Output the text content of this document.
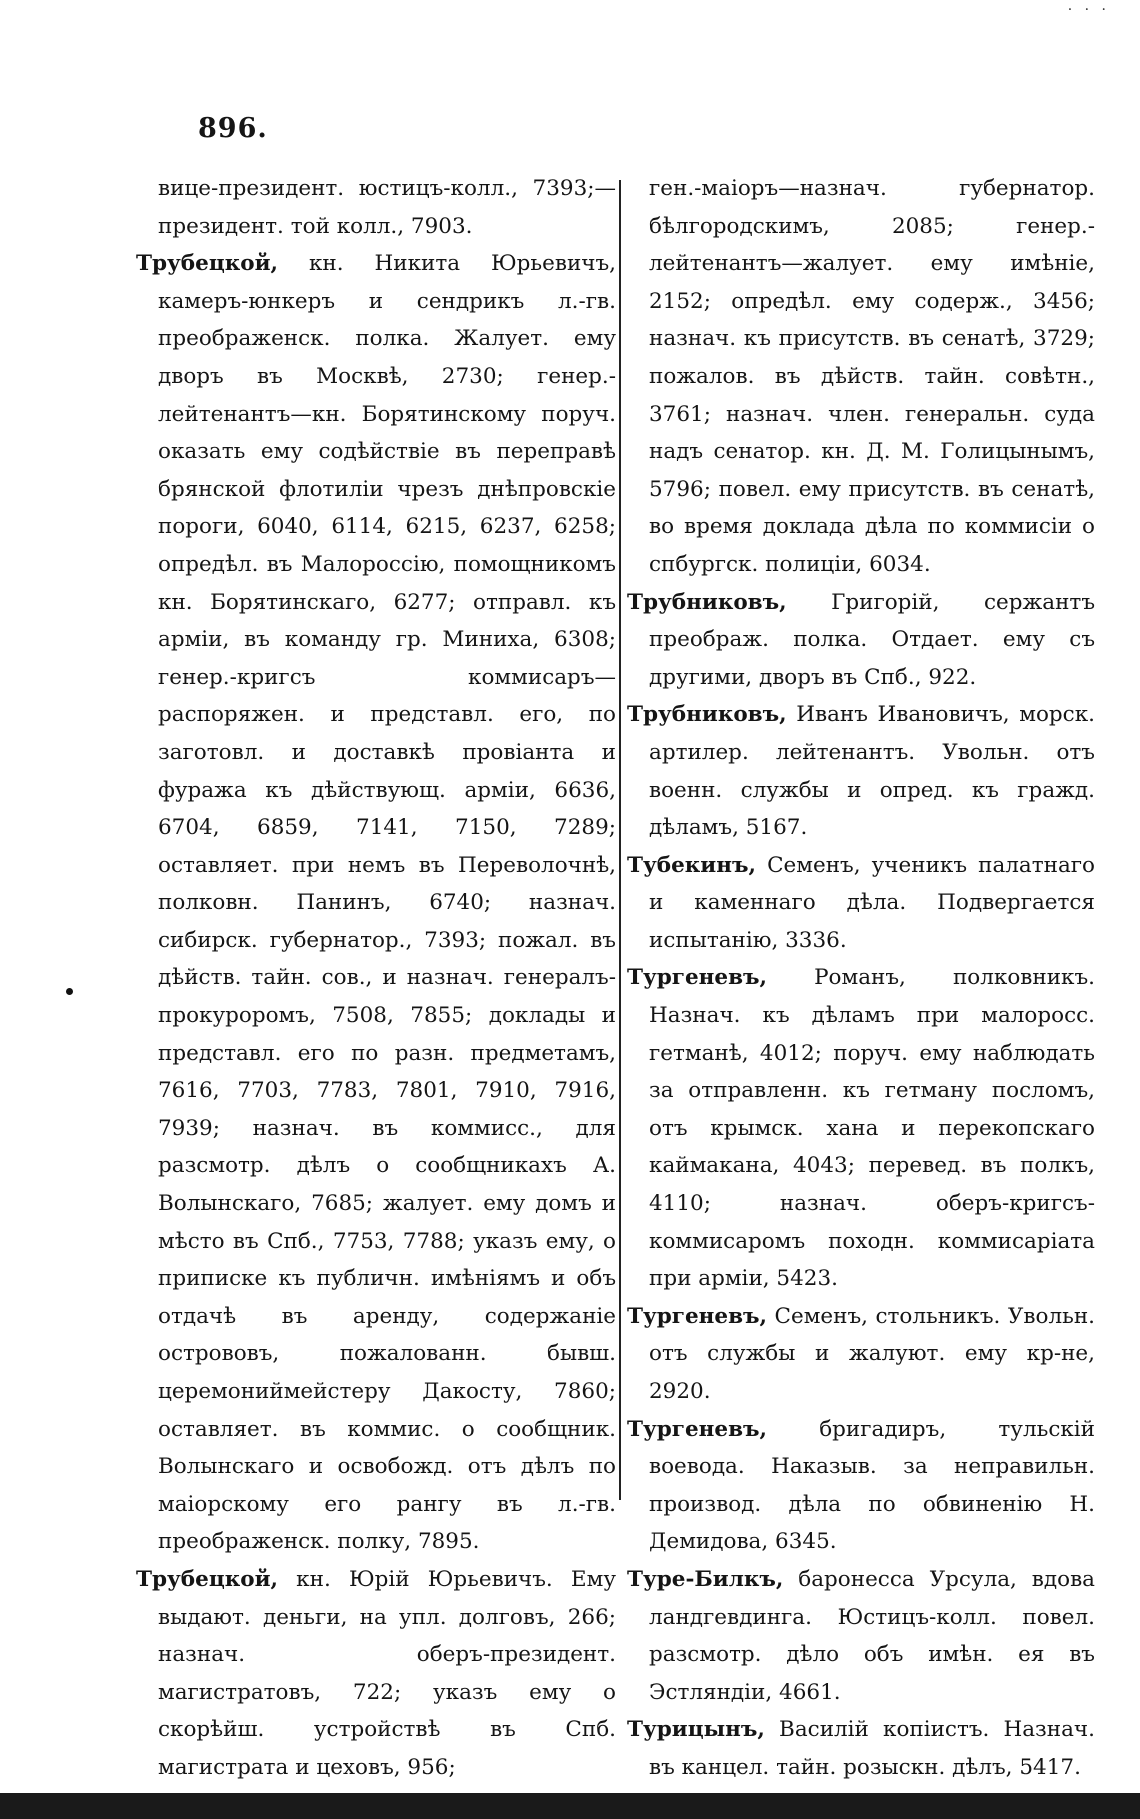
· · ·
896.

вице-президент. юстицъ-колл., 7393;— президент. той колл., 7903.

Трубецкой, кн. Никита Юрьевичъ, камеръ-юнкеръ и сендрикъ л.-гв. преображенск. полка. Жалует. ему дворъ въ Москвѣ, 2730; генер.-лейтенантъ—кн. Борятинскому поруч. оказать ему содѣйствіе въ переправѣ брянской флотиліи чрезъ днѣпровскіе пороги, 6040, 6114, 6215, 6237, 6258; опредѣл. въ Малороссію, помощникомъ кн. Борятинскаго, 6277; отправл. къ арміи, въ команду гр. Миниха, 6308; генер.-кригсъ коммисаръ—распоряжен. и представл. его, по заготовл. и доставкѣ провіанта и фуража къ дѣйствующ. арміи, 6636, 6704, 6859, 7141, 7150, 7289; оставляет. при немъ въ Переволочнѣ, полковн. Панинъ, 6740; назнач. сибирск. губернатор., 7393; пожал. въ дѣйств. тайн. сов., и назнач. генералъ-прокуроромъ, 7508, 7855; доклады и представл. его по разн. предметамъ, 7616, 7703, 7783, 7801, 7910, 7916, 7939; назнач. въ коммисс., для разсмотр. дѣлъ о сообщникахъ А. Волынскаго, 7685; жалует. ему домъ и мѣсто въ Спб., 7753, 7788; указъ ему, о приписке къ публичн. имѣніямъ и объ отдачѣ въ аренду, содержаніе острововъ, пожалованн. бывш. церемониймейстеру Дакосту, 7860; оставляет. въ коммис. о сообщник. Волынскаго и освобожд. отъ дѣлъ по маіорскому его рангу въ л.-гв. преображенск. полку, 7895.

Трубецкой, кн. Юрій Юрьевичъ. Ему выдают. деньги, на упл. долговъ, 266; назнач. оберъ-президент. магистратовъ, 722; указъ ему о скорѣйш. устройствѣ въ Спб. магистрата и цеховъ, 956;

ген.-маіоръ—назнач. губернатор. бѣлгородскимъ, 2085; генер.-лейтенантъ—жалует. ему имѣніе, 2152; опредѣл. ему содерж., 3456; назнач. къ присутств. въ сенатѣ, 3729; пожалов. въ дѣйств. тайн. совѣтн., 3761; назнач. член. генеральн. суда надъ сенатор. кн. Д. М. Голицынымъ, 5796; повел. ему присутств. въ сенатѣ, во время доклада дѣла по коммисіи о спбургск. полиціи, 6034.

Трубниковъ, Григорій, сержантъ преображ. полка. Отдает. ему съ другими, дворъ въ Спб., 922.

Трубниковъ, Иванъ Ивановичъ, морск. артилер. лейтенантъ. Увольн. отъ военн. службы и опред. къ гражд. дѣламъ, 5167.

Тубекинъ, Семенъ, ученикъ палатнаго и каменнаго дѣла. Подвергается испытанію, 3336.

Тургеневъ, Романъ, полковникъ. Назнач. къ дѣламъ при малоросс. гетманѣ, 4012; поруч. ему наблюдать за отправленн. къ гетману посломъ, отъ крымск. хана и перекопскаго каймакана, 4043; перевед. въ полкъ, 4110; назнач. оберъ-кригсъ-коммисаромъ походн. коммисаріата при арміи, 5423.

Тургеневъ, Семенъ, стольникъ. Увольн. отъ службы и жалуют. ему кр-не, 2920.

Тургеневъ, бригадиръ, тульскій воевода. Наказыв. за неправильн. производ. дѣла по обвиненію Н. Демидова, 6345.

Туре-Билкъ, баронесса Урсула, вдова ландгевдинга. Юстицъ-колл. повел. разсмотр. дѣло объ имѣн. ея въ Эстляндіи, 4661.

Турицынъ, Василій копіистъ. Назнач. въ канцел. тайн. розыскн. дѣлъ, 5417.
